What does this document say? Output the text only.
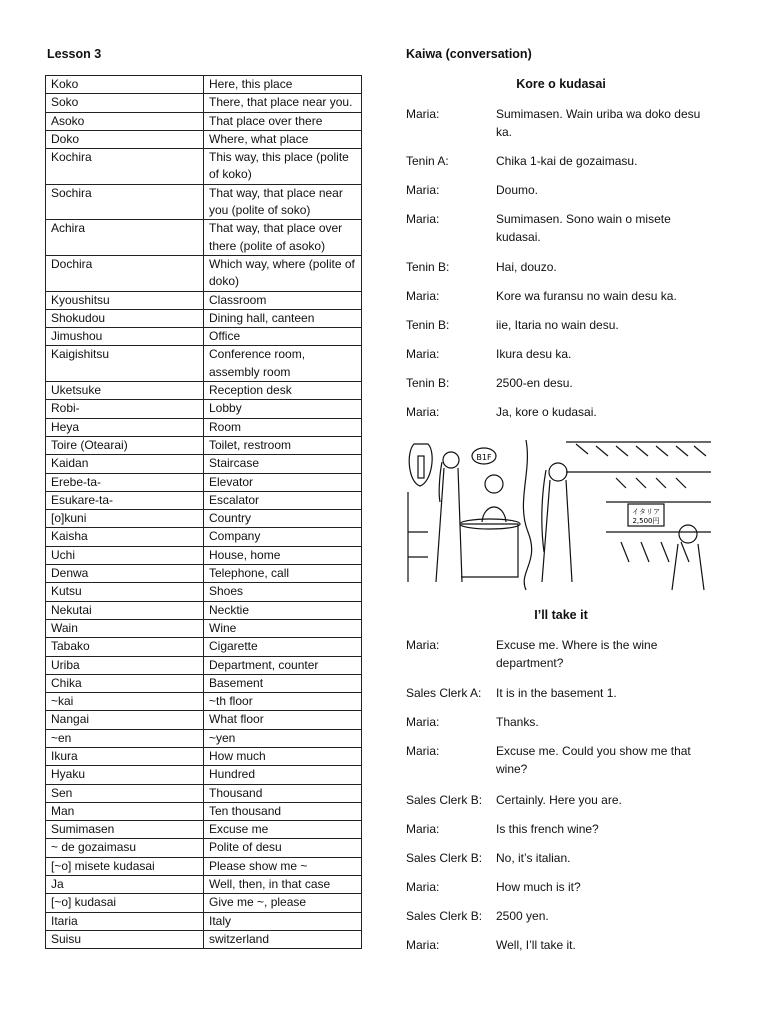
Lesson 3
Koko	Here, this place
Soko	There, that place near you.
Asoko	That place over there
Doko	Where, what place
Kochira	This way, this place (polite of koko)
Sochira	That way, that place near you (polite of soko)
Achira	That way, that place over there (polite of asoko)
Dochira	Which way, where (polite of doko)
Kyoushitsu	Classroom
Shokudou	Dining hall, canteen
Jimushou	Office
Kaigishitsu	Conference room, assembly room
Uketsuke	Reception desk
Robi-	Lobby
Heya	Room
Toire (Otearai)	Toilet, restroom
Kaidan	Staircase
Erebe-ta-	Elevator
Esukare-ta-	Escalator
[o]kuni	Country
Kaisha	Company
Uchi	House, home
Denwa	Telephone, call
Kutsu	Shoes
Nekutai	Necktie
Wain	Wine
Tabako	Cigarette
Uriba	Department, counter
Chika	Basement
~kai	~th floor
Nangai	What floor
~en	~yen
Ikura	How much
Hyaku	Hundred
Sen	Thousand
Man	Ten thousand
Sumimasen	Excuse me
~ de gozaimasu	Polite of desu
[~o] misete kudasai	Please show me ~
Ja	Well, then, in that case
[~o] kudasai	Give me ~, please
Itaria	Italy
Suisu	switzerland
Kaiwa (conversation)
Kore o kudasai
Maria:	Sumimasen. Wain uriba wa doko desu ka.
Tenin A:	Chika 1-kai de gozaimasu.
Maria:	Doumo.
Maria:	Sumimasen. Sono wain o misete kudasai.
Tenin B:	Hai, douzo.
Maria:	Kore wa furansu no wain desu ka.
Tenin B:	iie, Itaria no wain desu.
Maria:	Ikura desu ka.
Tenin B:	2500-en desu.
Maria:	Ja, kore o kudasai.
B1F
イタリア
2,500円
I’ll take it
Maria:	Excuse me. Where is the wine department?
Sales Clerk A:	It is in the basement 1.
Maria:	Thanks.
Maria:	Excuse me. Could you show me that wine?
Sales Clerk B:	Certainly. Here you are.
Maria:	Is this french wine?
Sales Clerk B:	No, it’s italian.
Maria:	How much is it?
Sales Clerk B:	2500 yen.
Maria:	Well, I’ll take it.
